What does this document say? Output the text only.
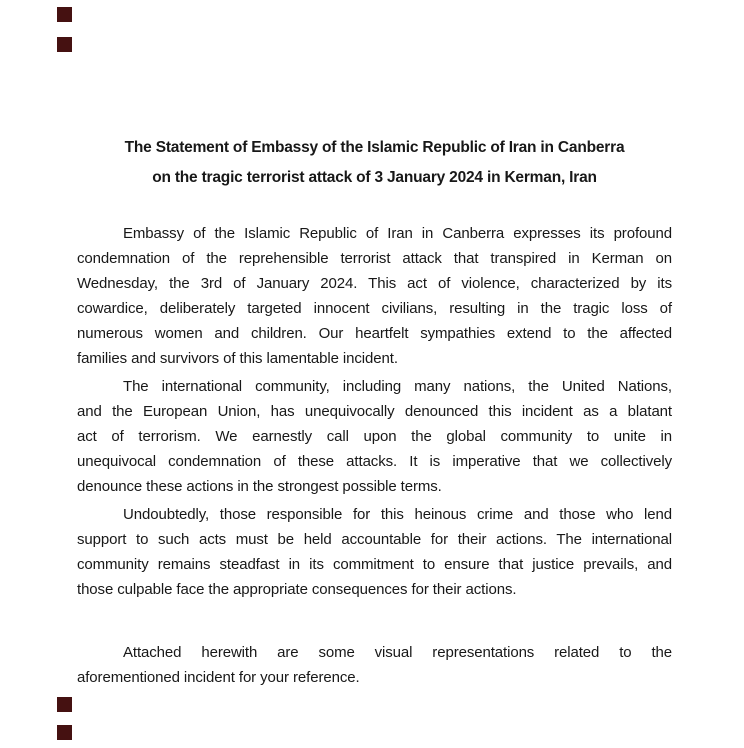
The Statement of Embassy of the Islamic Republic of Iran in Canberra
on the tragic terrorist attack of 3 January 2024 in Kerman, Iran
Embassy of the Islamic Republic of Iran in Canberra expresses its profound
condemnation of the reprehensible terrorist attack that transpired in Kerman on
Wednesday, the 3rd of January 2024. This act of violence, characterized by its
cowardice, deliberately targeted innocent civilians, resulting in the tragic loss of
numerous women and children. Our heartfelt sympathies extend to the affected
families and survivors of this lamentable incident.
The international community, including many nations, the United Nations,
and the European Union, has unequivocally denounced this incident as a blatant
act of terrorism. We earnestly call upon the global community to unite in
unequivocal condemnation of these attacks. It is imperative that we collectively
denounce these actions in the strongest possible terms.
Undoubtedly, those responsible for this heinous crime and those who lend
support to such acts must be held accountable for their actions. The international
community remains steadfast in its commitment to ensure that justice prevails, and
those culpable face the appropriate consequences for their actions.
Attached herewith are some visual representations related to the
aforementioned incident for your reference.
